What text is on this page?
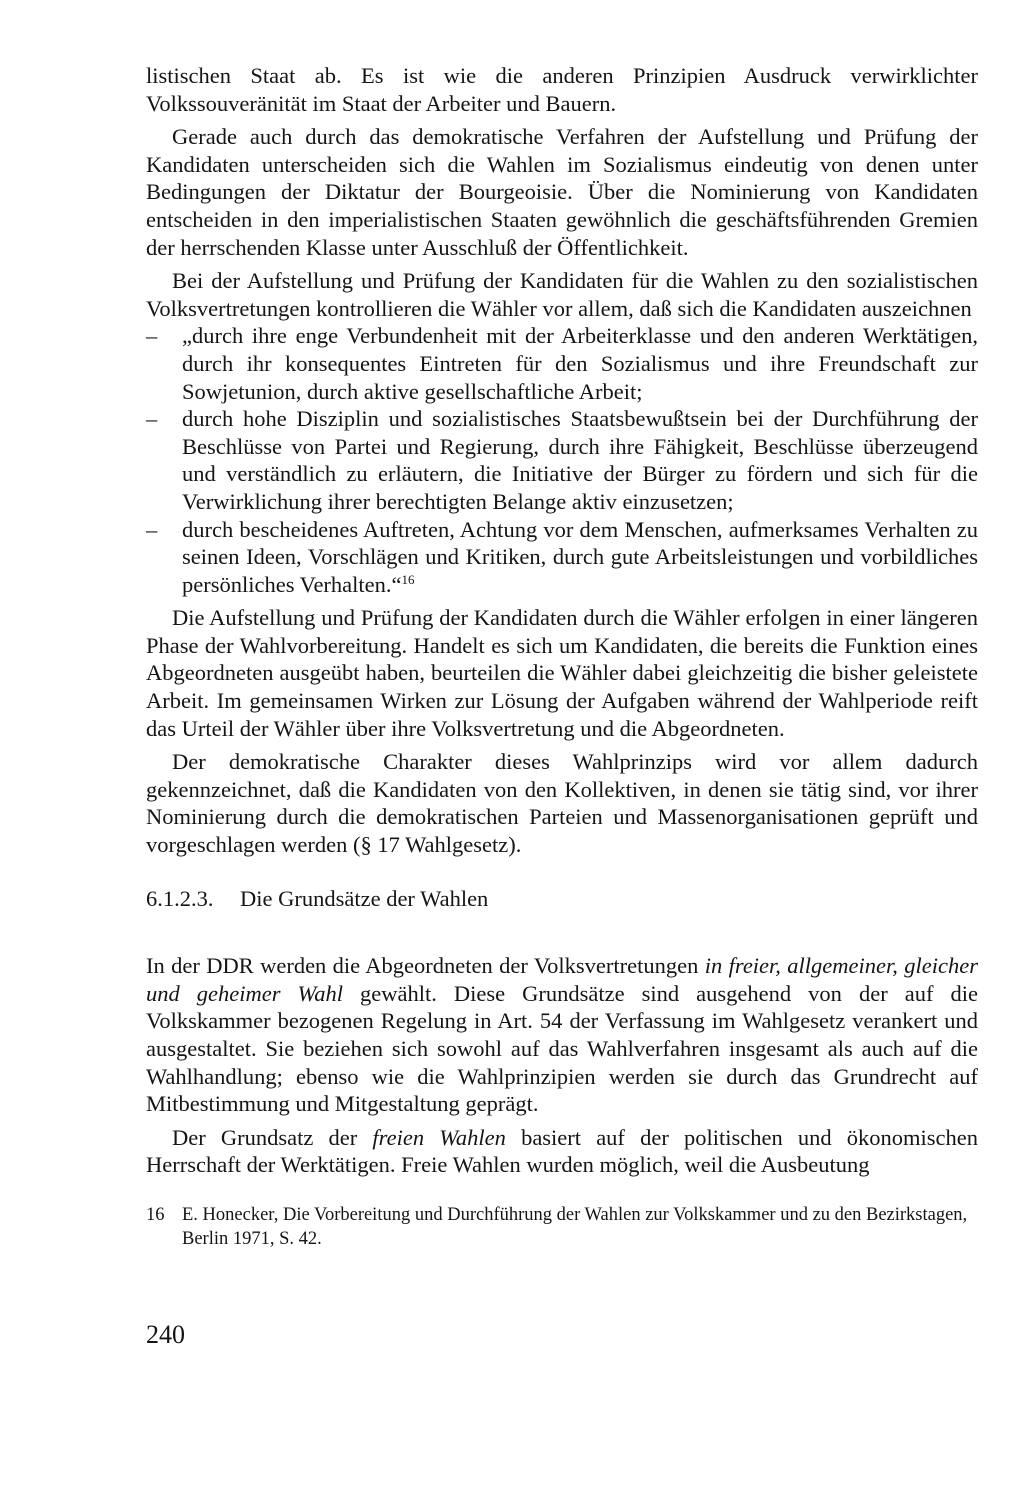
listischen Staat ab. Es ist wie die anderen Prinzipien Ausdruck verwirklichter Volkssouveränität im Staat der Arbeiter und Bauern.

Gerade auch durch das demokratische Verfahren der Aufstellung und Prüfung der Kandidaten unterscheiden sich die Wahlen im Sozialismus eindeutig von denen unter Bedingungen der Diktatur der Bourgeoisie. Über die Nominierung von Kandidaten entscheiden in den imperialistischen Staaten gewöhnlich die geschäftsführenden Gremien der herrschenden Klasse unter Ausschluß der Öffentlichkeit.

Bei der Aufstellung und Prüfung der Kandidaten für die Wahlen zu den sozialistischen Volksvertretungen kontrollieren die Wähler vor allem, daß sich die Kandidaten auszeichnen

– „durch ihre enge Verbundenheit mit der Arbeiterklasse und den anderen Werktätigen, durch ihr konsequentes Eintreten für den Sozialismus und ihre Freundschaft zur Sowjetunion, durch aktive gesellschaftliche Arbeit;
– durch hohe Disziplin und sozialistisches Staatsbewußtsein bei der Durchführung der Beschlüsse von Partei und Regierung, durch ihre Fähigkeit, Beschlüsse überzeugend und verständlich zu erläutern, die Initiative der Bürger zu fördern und sich für die Verwirklichung ihrer berechtigten Belange aktiv einzusetzen;
– durch bescheidenes Auftreten, Achtung vor dem Menschen, aufmerksames Verhalten zu seinen Ideen, Vorschlägen und Kritiken, durch gute Arbeitsleistungen und vorbildliches persönliches Verhalten.“$^{16}$

Die Aufstellung und Prüfung der Kandidaten durch die Wähler erfolgen in einer längeren Phase der Wahlvorbereitung. Handelt es sich um Kandidaten, die bereits die Funktion eines Abgeordneten ausgeübt haben, beurteilen die Wähler dabei gleichzeitig die bisher geleistete Arbeit. Im gemeinsamen Wirken zur Lösung der Aufgaben während der Wahlperiode reift das Urteil der Wähler über ihre Volksvertretung und die Abgeordneten.

Der demokratische Charakter dieses Wahlprinzips wird vor allem dadurch gekennzeichnet, daß die Kandidaten von den Kollektiven, in denen sie tätig sind, vor ihrer Nominierung durch die demokratischen Parteien und Massenorganisationen geprüft und vorgeschlagen werden (§ 17 Wahlgesetz).

6.1.2.3. Die Grundsätze der Wahlen

In der DDR werden die Abgeordneten der Volksvertretungen in freier, allgemeiner, gleicher und geheimer Wahl gewählt. Diese Grundsätze sind ausgehend von der auf die Volkskammer bezogenen Regelung in Art. 54 der Verfassung im Wahlgesetz verankert und ausgestaltet. Sie beziehen sich sowohl auf das Wahlverfahren insgesamt als auch auf die Wahlhandlung; ebenso wie die Wahlprinzipien werden sie durch das Grundrecht auf Mitbestimmung und Mitgestaltung geprägt.

Der Grundsatz der freien Wahlen basiert auf der politischen und ökonomischen Herrschaft der Werktätigen. Freie Wahlen wurden möglich, weil die Ausbeutung

16 E. Honecker, Die Vorbereitung und Durchführung der Wahlen zur Volkskammer und zu den Bezirkstagen, Berlin 1971, S. 42.
240
